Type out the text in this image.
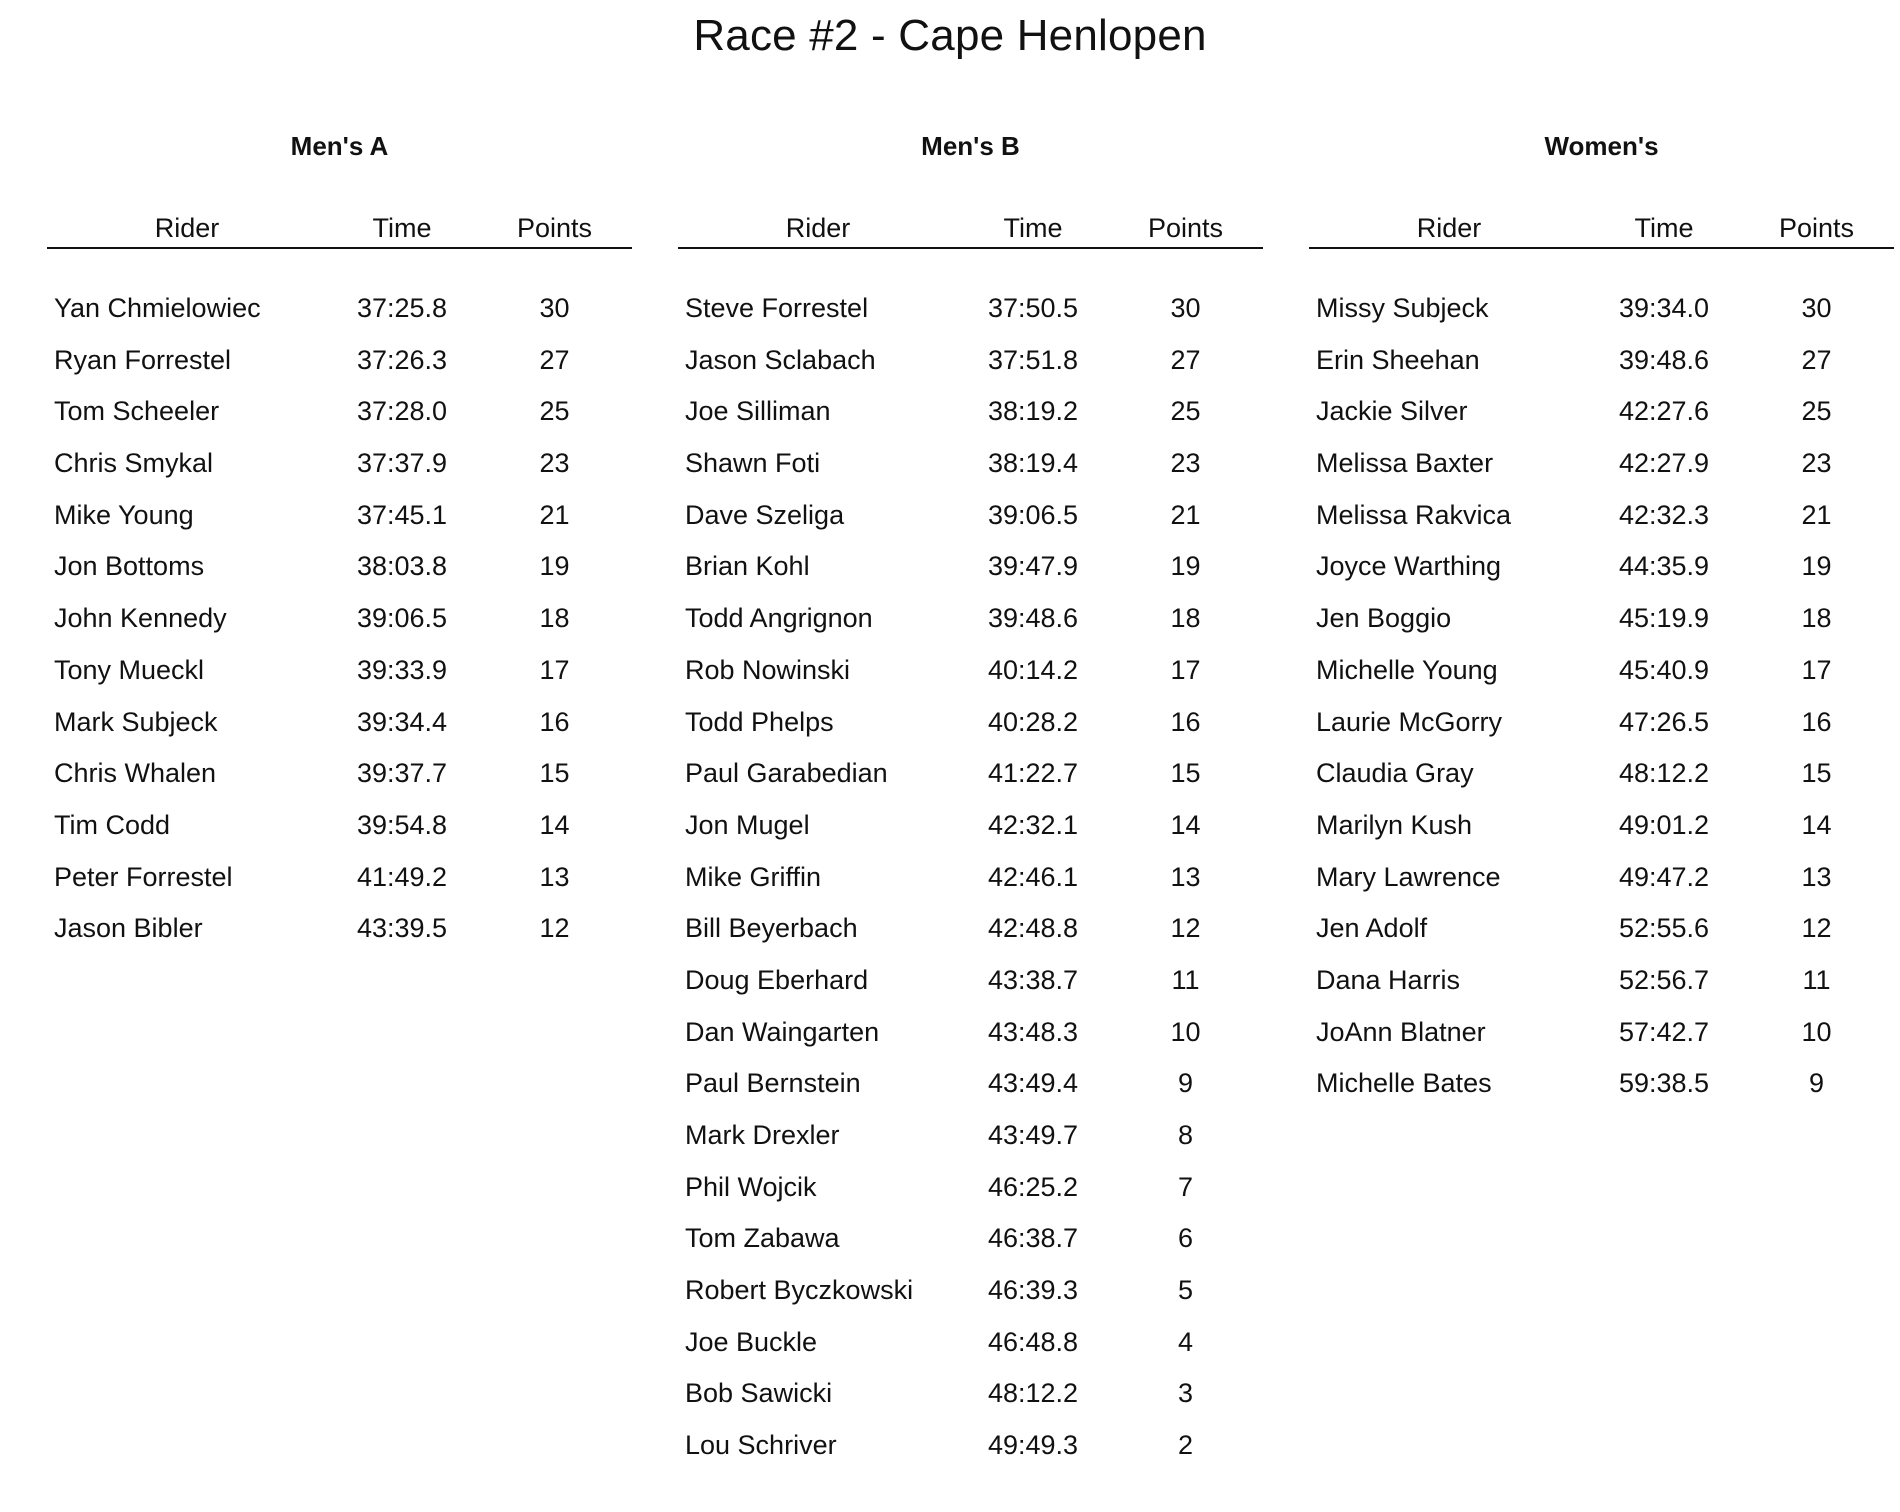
Race #2 - Cape Henlopen
Men's A
Rider	Time	Points
Yan Chmielowiec	37:25.8	30
Ryan Forrestel	37:26.3	27
Tom Scheeler	37:28.0	25
Chris Smykal	37:37.9	23
Mike Young	37:45.1	21
Jon Bottoms	38:03.8	19
John Kennedy	39:06.5	18
Tony Mueckl	39:33.9	17
Mark Subjeck	39:34.4	16
Chris Whalen	39:37.7	15
Tim Codd	39:54.8	14
Peter Forrestel	41:49.2	13
Jason Bibler	43:39.5	12
Men's B
Rider	Time	Points
Steve Forrestel	37:50.5	30
Jason Sclabach	37:51.8	27
Joe Silliman	38:19.2	25
Shawn Foti	38:19.4	23
Dave Szeliga	39:06.5	21
Brian Kohl	39:47.9	19
Todd Angrignon	39:48.6	18
Rob Nowinski	40:14.2	17
Todd Phelps	40:28.2	16
Paul Garabedian	41:22.7	15
Jon Mugel	42:32.1	14
Mike Griffin	42:46.1	13
Bill Beyerbach	42:48.8	12
Doug Eberhard	43:38.7	11
Dan Waingarten	43:48.3	10
Paul Bernstein	43:49.4	9
Mark Drexler	43:49.7	8
Phil Wojcik	46:25.2	7
Tom Zabawa	46:38.7	6
Robert Byczkowski	46:39.3	5
Joe Buckle	46:48.8	4
Bob Sawicki	48:12.2	3
Lou Schriver	49:49.3	2
Women's
Rider	Time	Points
Missy Subjeck	39:34.0	30
Erin Sheehan	39:48.6	27
Jackie Silver	42:27.6	25
Melissa Baxter	42:27.9	23
Melissa Rakvica	42:32.3	21
Joyce Warthing	44:35.9	19
Jen Boggio	45:19.9	18
Michelle Young	45:40.9	17
Laurie McGorry	47:26.5	16
Claudia Gray	48:12.2	15
Marilyn Kush	49:01.2	14
Mary Lawrence	49:47.2	13
Jen Adolf	52:55.6	12
Dana Harris	52:56.7	11
JoAnn Blatner	57:42.7	10
Michelle Bates	59:38.5	9
